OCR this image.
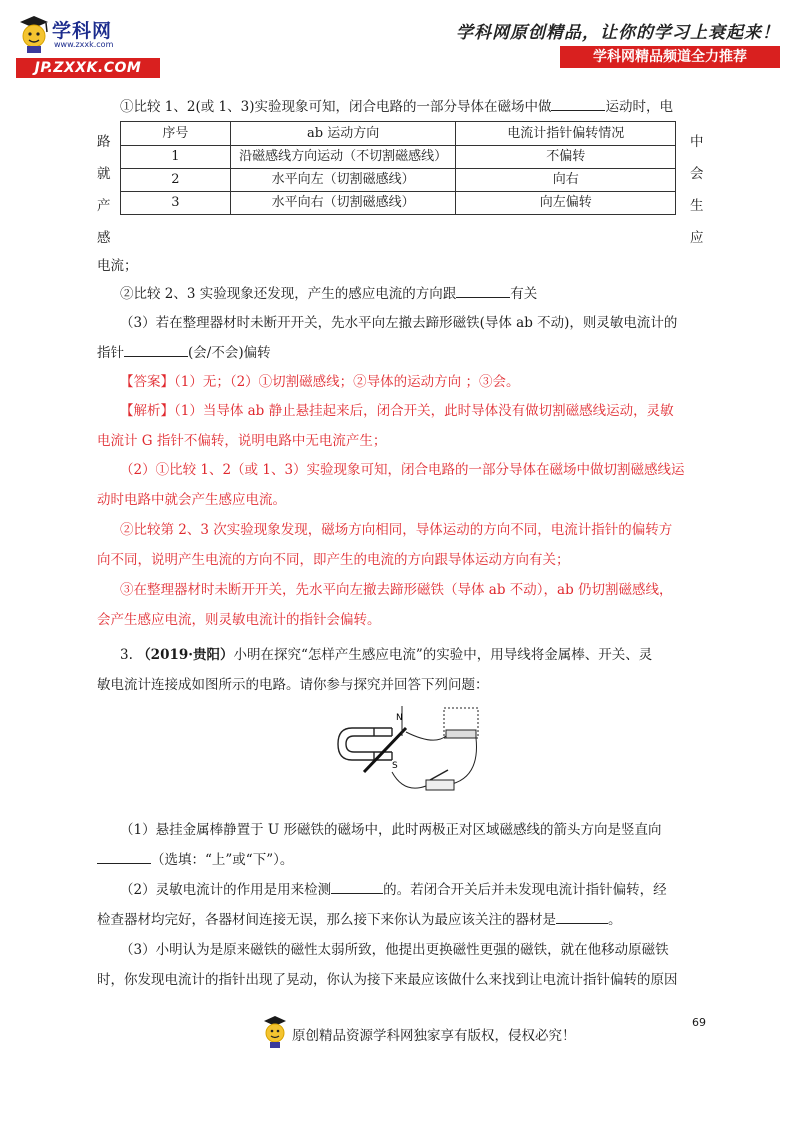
学科网
www.zxxk.com
JP.ZXXK.COM
学科网原创精品，让你的学习上衰起来！
学科网精品频道全力推荐
①比较 1、2(或 1、3)实验现象可知，闭合电路的一部分导体在磁场中做	运动时，电
路
就
产
感
中
会
生
应
序号	ab 运动方向	电流计指针偏转情况
1	沿磁感线方向运动（不切割磁感线）	不偏转
2	水平向左（切割磁感线）	向右
3	水平向右（切割磁感线）	向左偏转
电流；
②比较 2、3 实验现象还发现，产生的感应电流的方向跟	有关
（3）若在整理器材时未断开开关，先水平向左撤去蹄形磁铁(导体 ab 不动)，则灵敏电流计的
指针	(会/不会)偏转
【答案】（1）无；（2）①切割磁感线；②导体的运动方向 ；③会。
【解析】（1）当导体 ab 静止悬挂起来后，闭合开关，此时导体没有做切割磁感线运动，灵敏
电流计 G 指针不偏转，说明电路中无电流产生；
（2）①比较 1、2（或 1、3）实验现象可知，闭合电路的一部分导体在磁场中做切割磁感线运
动时电路中就会产生感应电流。
②比较第 2、3 次实验现象发现，磁场方向相同，导体运动的方向不同，电流计指针的偏转方
向不同，说明产生电流的方向不同，即产生的电流的方向跟导体运动方向有关；
③在整理器材时未断开开关，先水平向左撤去蹄形磁铁（导体 ab 不动），ab 仍切割磁感线，
会产生感应电流，则灵敏电流计的指针会偏转。
3. （2019·贵阳）小明在探究“怎样产生感应电流”的实验中，用导线将金属棒、开关、灵
敏电流计连接成如图所示的电路。请你参与探究并回答下列问题：
N
S
（1）悬挂金属棒静置于 U 形磁铁的磁场中，此时两极正对区域磁感线的箭头方向是竖直向
（选填：“上”或“下”）。
（2）灵敏电流计的作用是用来检测	的。若闭合开关后并未发现电流计指针偏转，经
检查器材均完好，各器材间连接无误，那么接下来你认为最应该关注的器材是	。
（3）小明认为是原来磁铁的磁性太弱所致，他提出更换磁性更强的磁铁，就在他移动原磁铁
时，你发现电流计的指针出现了晃动，你认为接下来最应该做什么来找到让电流计指针偏转的原因
69
原创精品资源学科网独家享有版权，侵权必究！
